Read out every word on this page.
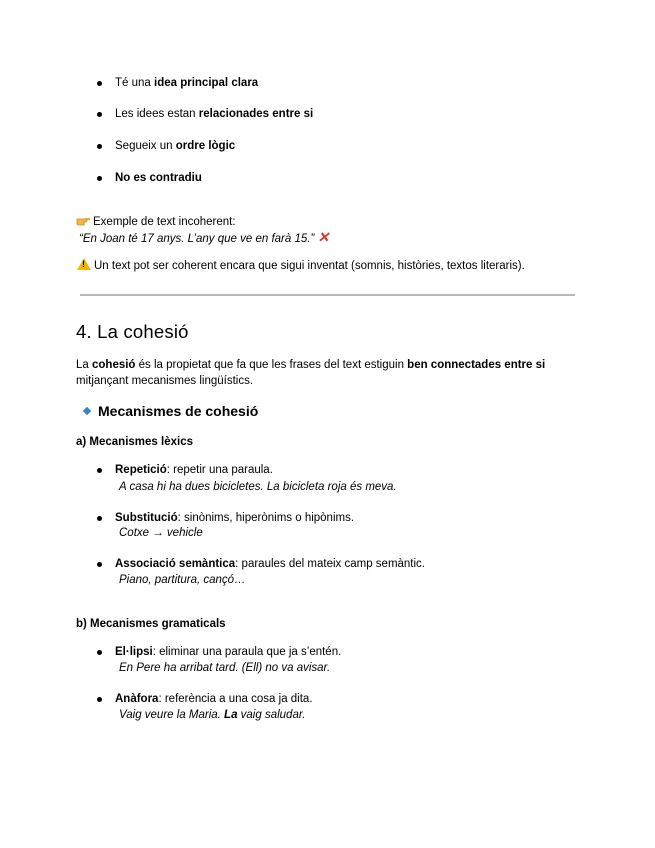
Té una idea principal clara
Les idees estan relacionades entre si
Segueix un ordre lògic
No es contradiu
Exemple de text incoherent:
“En Joan té 17 anys. L’any que ve en farà 15.” ✕
!Un text pot ser coherent encara que sigui inventat (somnis, històries, textos literaris).
4. La cohesió
La cohesió és la propietat que fa que les frases del text estiguin ben connectades entre si
mitjançant mecanismes lingüístics.
Mecanismes de cohesió
a) Mecanismes lèxics
Repetició: repetir una paraula.
A casa hi ha dues bicicletes. La bicicleta roja és meva.
Substitució: sinònims, hiperònims o hipònims.
Cotxe → vehicle
Associació semàntica: paraules del mateix camp semàntic.
Piano, partitura, cançó…
b) Mecanismes gramaticals
El·lipsi: eliminar una paraula que ja s’entén.
En Pere ha arribat tard. (Ell) no va avisar.
Anàfora: referència a una cosa ja dita.
Vaig veure la Maria. La vaig saludar.
